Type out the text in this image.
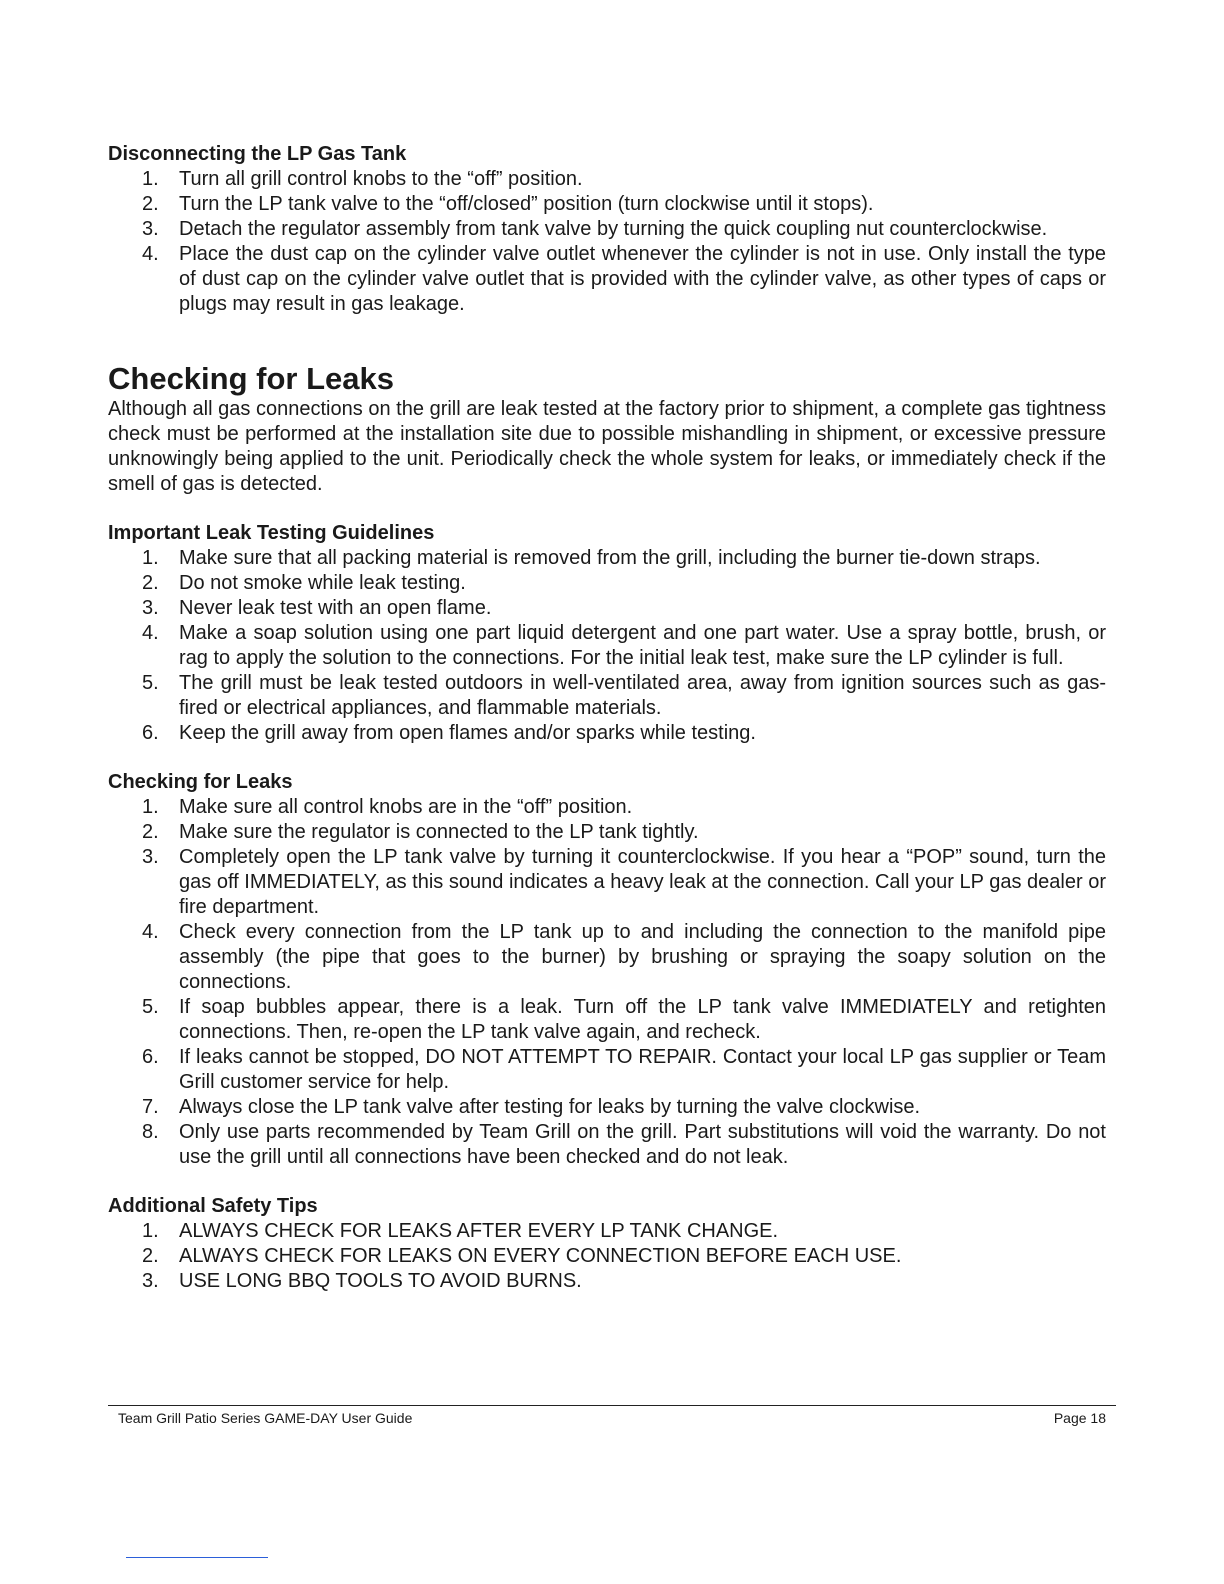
Disconnecting the LP Gas Tank
1.	Turn all grill control knobs to the “off” position.
2.	Turn the LP tank valve to the “off/closed” position (turn clockwise until it stops).
3.	Detach the regulator assembly from tank valve by turning the quick coupling nut counterclockwise.
4.	Place the dust cap on the cylinder valve outlet whenever the cylinder is not in use. Only install the type of dust cap on the cylinder valve outlet that is provided with the cylinder valve, as other types of caps or plugs may result in gas leakage.
Checking for Leaks

Although all gas connections on the grill are leak tested at the factory prior to shipment, a complete gas tightness check must be performed at the installation site due to possible mishandling in shipment, or excessive pressure unknowingly being applied to the unit. Periodically check the whole system for leaks, or immediately check if the smell of gas is detected.

Important Leak Testing Guidelines
1.	Make sure that all packing material is removed from the grill, including the burner tie-down straps.
2.	Do not smoke while leak testing.
3.	Never leak test with an open flame.
4.	Make a soap solution using one part liquid detergent and one part water. Use a spray bottle, brush, or rag to apply the solution to the connections. For the initial leak test, make sure the LP cylinder is full.
5.	The grill must be leak tested outdoors in well-ventilated area, away from ignition sources such as gas-fired or electrical appliances, and flammable materials.
6.	Keep the grill away from open flames and/or sparks while testing.
Checking for Leaks
1.	Make sure all control knobs are in the “off” position.
2.	Make sure the regulator is connected to the LP tank tightly.
3.	Completely open the LP tank valve by turning it counterclockwise. If you hear a “POP” sound, turn the gas off IMMEDIATELY, as this sound indicates a heavy leak at the connection. Call your LP gas dealer or fire department.
4.	Check every connection from the LP tank up to and including the connection to the manifold pipe assembly (the pipe that goes to the burner) by brushing or spraying the soapy solution on the connections.
5.	If soap bubbles appear, there is a leak. Turn off the LP tank valve IMMEDIATELY and retighten connections. Then, re-open the LP tank valve again, and recheck.
6.	If leaks cannot be stopped, DO NOT ATTEMPT TO REPAIR. Contact your local LP gas supplier or Team Grill customer service for help.
7.	Always close the LP tank valve after testing for leaks by turning the valve clockwise.
8.	Only use parts recommended by Team Grill on the grill. Part substitutions will void the warranty. Do not use the grill until all connections have been checked and do not leak.
Additional Safety Tips
1.	ALWAYS CHECK FOR LEAKS AFTER EVERY LP TANK CHANGE.
2.	ALWAYS CHECK FOR LEAKS ON EVERY CONNECTION BEFORE EACH USE.
3.	USE LONG BBQ TOOLS TO AVOID BURNS.
Team Grill Patio Series GAME-DAY User Guide	Page 18
